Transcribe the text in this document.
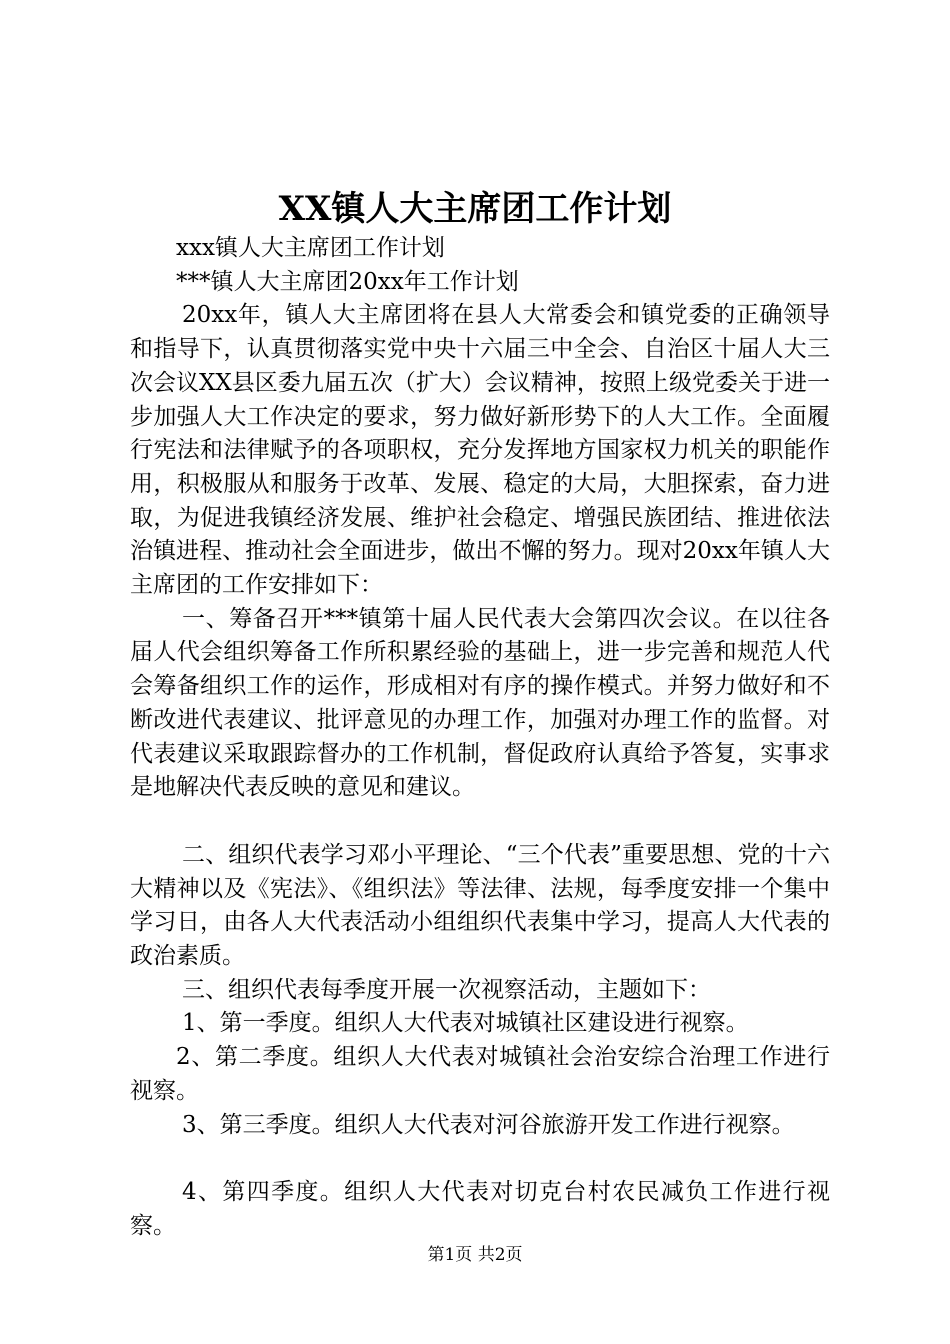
XX镇人大主席团工作计划

xxx镇人大主席团工作计划

***镇人大主席团20xx年工作计划

20xx年，镇人大主席团将在县人大常委会和镇党委的正确领导和指导下，认真贯彻落实党中央十六届三中全会、自治区十届人大三次会议XX县区委九届五次（扩大）会议精神，按照上级党委关于进一步加强人大工作决定的要求，努力做好新形势下的人大工作。全面履行宪法和法律赋予的各项职权，充分发挥地方国家权力机关的职能作用，积极服从和服务于改革、发展、稳定的大局，大胆探索，奋力进取，为促进我镇经济发展、维护社会稳定、增强民族团结、推进依法治镇进程、推动社会全面进步，做出不懈的努力。现对20xx年镇人大主席团的工作安排如下：

一、筹备召开***镇第十届人民代表大会第四次会议。在以往各届人代会组织筹备工作所积累经验的基础上，进一步完善和规范人代会筹备组织工作的运作，形成相对有序的操作模式。并努力做好和不断改进代表建议、批评意见的办理工作，加强对办理工作的监督。对代表建议采取跟踪督办的工作机制，督促政府认真给予答复，实事求是地解决代表反映的意见和建议。

二、组织代表学习邓小平理论、“三个代表”重要思想、党的十六大精神以及《宪法》、《组织法》等法律、法规，每季度安排一个集中学习日，由各人大代表活动小组组织代表集中学习，提高人大代表的政治素质。

三、组织代表每季度开展一次视察活动，主题如下：

1、第一季度。组织人大代表对城镇社区建设进行视察。

2、第二季度。组织人大代表对城镇社会治安综合治理工作进行视察。

3、第三季度。组织人大代表对河谷旅游开发工作进行视察。

4、第四季度。组织人大代表对切克台村农民减负工作进行视察。

第1页 共2页
